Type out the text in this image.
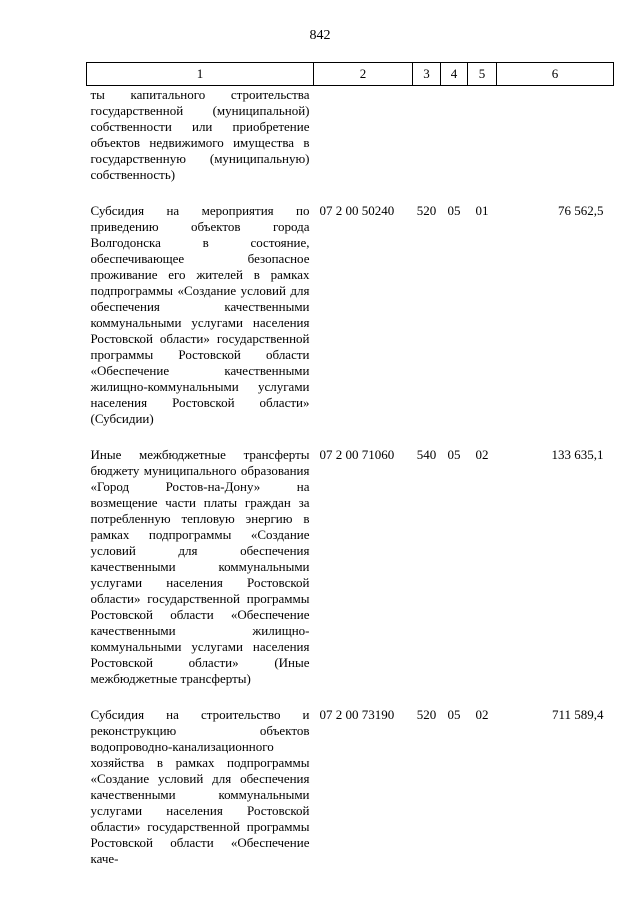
842
1	2	3	4	5	6
ты капитального строительства государственной (муниципальной) собственности или приобретение объектов недвижимого имущества в государственную (муниципальную) собственность)					
Субсидия на мероприятия по приведению объектов города Волгодонска в состояние, обеспечивающее безопасное проживание его жителей в рамках подпрограммы «Создание условий для обеспечения качественными коммунальными услугами населения Ростовской области» государственной программы Ростовской области «Обеспечение качественными жилищно-коммунальными услугами населения Ростовской области» (Субсидии)	07 2 00 50240	520	05	01	76 562,5
Иные межбюджетные трансферты бюджету муниципального образования «Город Ростов-на-Дону» на возмещение части платы граждан за потребленную тепловую энергию в рамках подпрограммы «Создание условий для обеспечения качественными коммунальными услугами населения Ростовской области» государственной программы Ростовской области «Обеспечение качественными жилищно-коммунальными услугами населения Ростовской области» (Иные межбюджетные трансферты)	07 2 00 71060	540	05	02	133 635,1
Субсидия на строительство и реконструкцию объектов водопроводно-канализационного хозяйства в рамках подпрограммы «Создание условий для обеспечения качественными коммунальными услугами населения Ростовской области» государственной программы Ростовской области «Обеспечение каче-	07 2 00 73190	520	05	02	711 589,4
